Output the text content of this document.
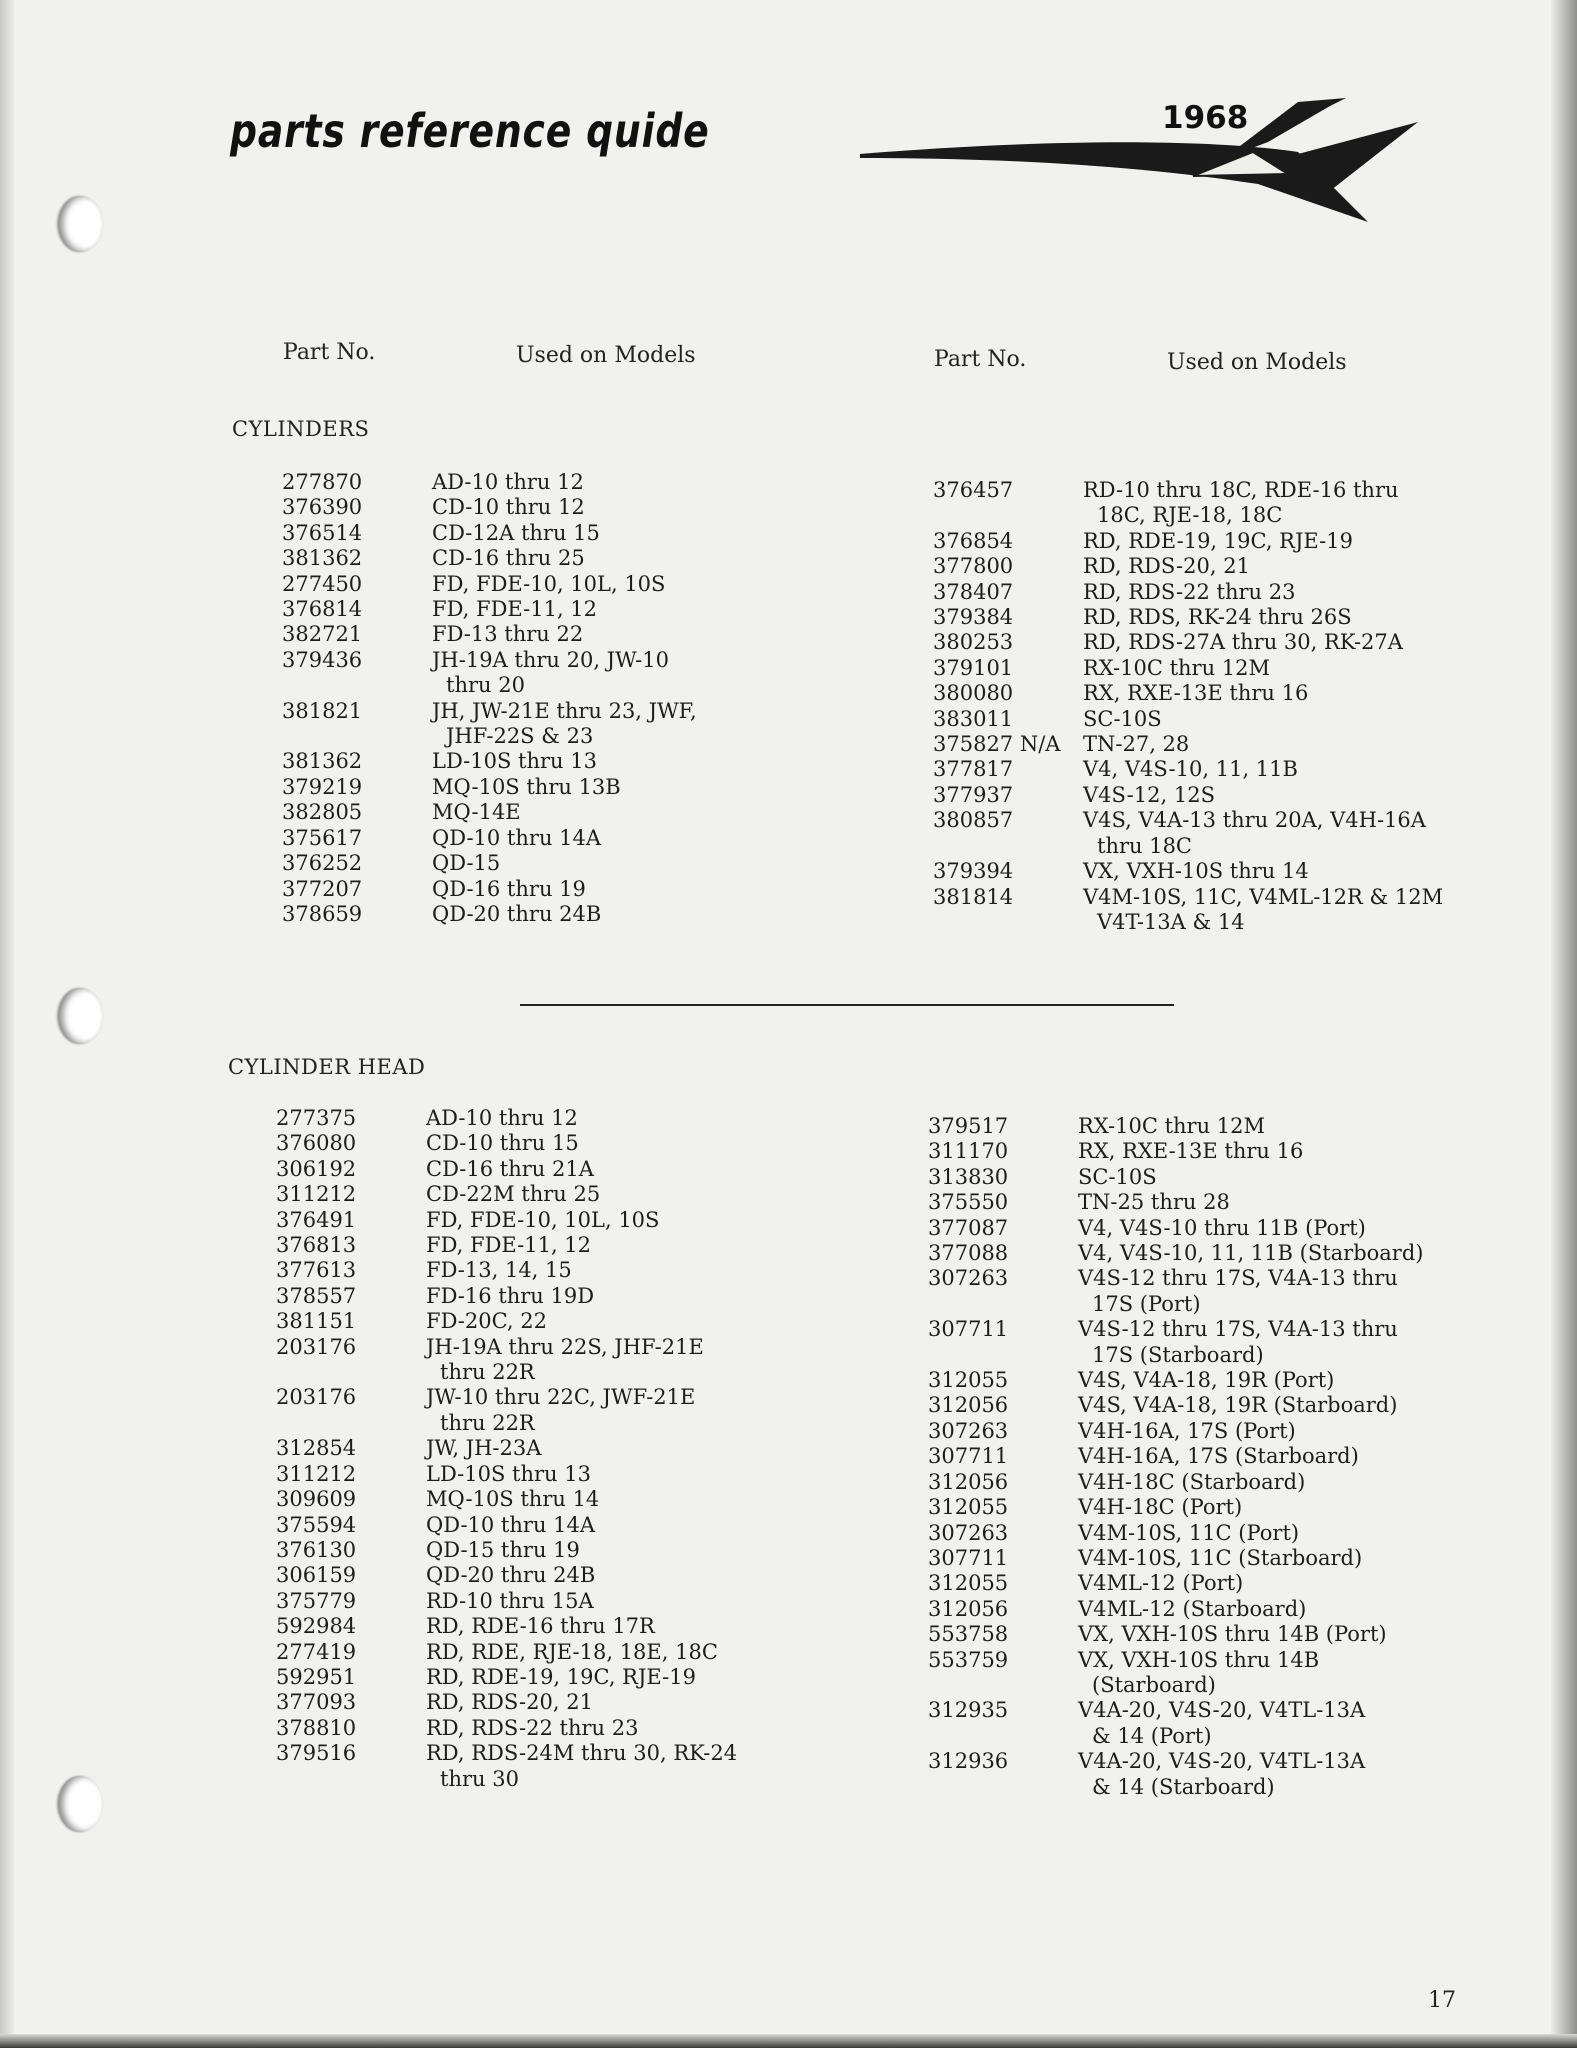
parts reference quide	1968
Part No.	Used on Models	Part No.	Used on Models
CYLINDERS
CYLINDER HEAD
277870	AD-10 thru 12
376390	CD-10 thru 12
376514	CD-12A thru 15
381362	CD-16 thru 25
277450	FD, FDE-10, 10L, 10S
376814	FD, FDE-11, 12
382721	FD-13 thru 22
379436	JH-19A thru 20, JW-10
thru 20
381821	JH, JW-21E thru 23, JWF,
JHF-22S & 23
381362	LD-10S thru 13
379219	MQ-10S thru 13B
382805	MQ-14E
375617	QD-10 thru 14A
376252	QD-15
377207	QD-16 thru 19
378659	QD-20 thru 24B
376457	RD-10 thru 18C, RDE-16 thru
18C, RJE-18, 18C
376854	RD, RDE-19, 19C, RJE-19
377800	RD, RDS-20, 21
378407	RD, RDS-22 thru 23
379384	RD, RDS, RK-24 thru 26S
380253	RD, RDS-27A thru 30, RK-27A
379101	RX-10C thru 12M
380080	RX, RXE-13E thru 16
383011	SC-10S
375827 N/A	TN-27, 28
377817	V4, V4S-10, 11, 11B
377937	V4S-12, 12S
380857	V4S, V4A-13 thru 20A, V4H-16A
thru 18C
379394	VX, VXH-10S thru 14
381814	V4M-10S, 11C, V4ML-12R & 12M
V4T-13A & 14
277375	AD-10 thru 12
376080	CD-10 thru 15
306192	CD-16 thru 21A
311212	CD-22M thru 25
376491	FD, FDE-10, 10L, 10S
376813	FD, FDE-11, 12
377613	FD-13, 14, 15
378557	FD-16 thru 19D
381151	FD-20C, 22
203176	JH-19A thru 22S, JHF-21E
thru 22R
203176	JW-10 thru 22C, JWF-21E
thru 22R
312854	JW, JH-23A
311212	LD-10S thru 13
309609	MQ-10S thru 14
375594	QD-10 thru 14A
376130	QD-15 thru 19
306159	QD-20 thru 24B
375779	RD-10 thru 15A
592984	RD, RDE-16 thru 17R
277419	RD, RDE, RJE-18, 18E, 18C
592951	RD, RDE-19, 19C, RJE-19
377093	RD, RDS-20, 21
378810	RD, RDS-22 thru 23
379516	RD, RDS-24M thru 30, RK-24
thru 30
379517	RX-10C thru 12M
311170	RX, RXE-13E thru 16
313830	SC-10S
375550	TN-25 thru 28
377087	V4, V4S-10 thru 11B (Port)
377088	V4, V4S-10, 11, 11B (Starboard)
307263	V4S-12 thru 17S, V4A-13 thru
17S (Port)
307711	V4S-12 thru 17S, V4A-13 thru
17S (Starboard)
312055	V4S, V4A-18, 19R (Port)
312056	V4S, V4A-18, 19R (Starboard)
307263	V4H-16A, 17S (Port)
307711	V4H-16A, 17S (Starboard)
312056	V4H-18C (Starboard)
312055	V4H-18C (Port)
307263	V4M-10S, 11C (Port)
307711	V4M-10S, 11C (Starboard)
312055	V4ML-12 (Port)
312056	V4ML-12 (Starboard)
553758	VX, VXH-10S thru 14B (Port)
553759	VX, VXH-10S thru 14B
(Starboard)
312935	V4A-20, V4S-20, V4TL-13A
& 14 (Port)
312936	V4A-20, V4S-20, V4TL-13A
& 14 (Starboard)
17
